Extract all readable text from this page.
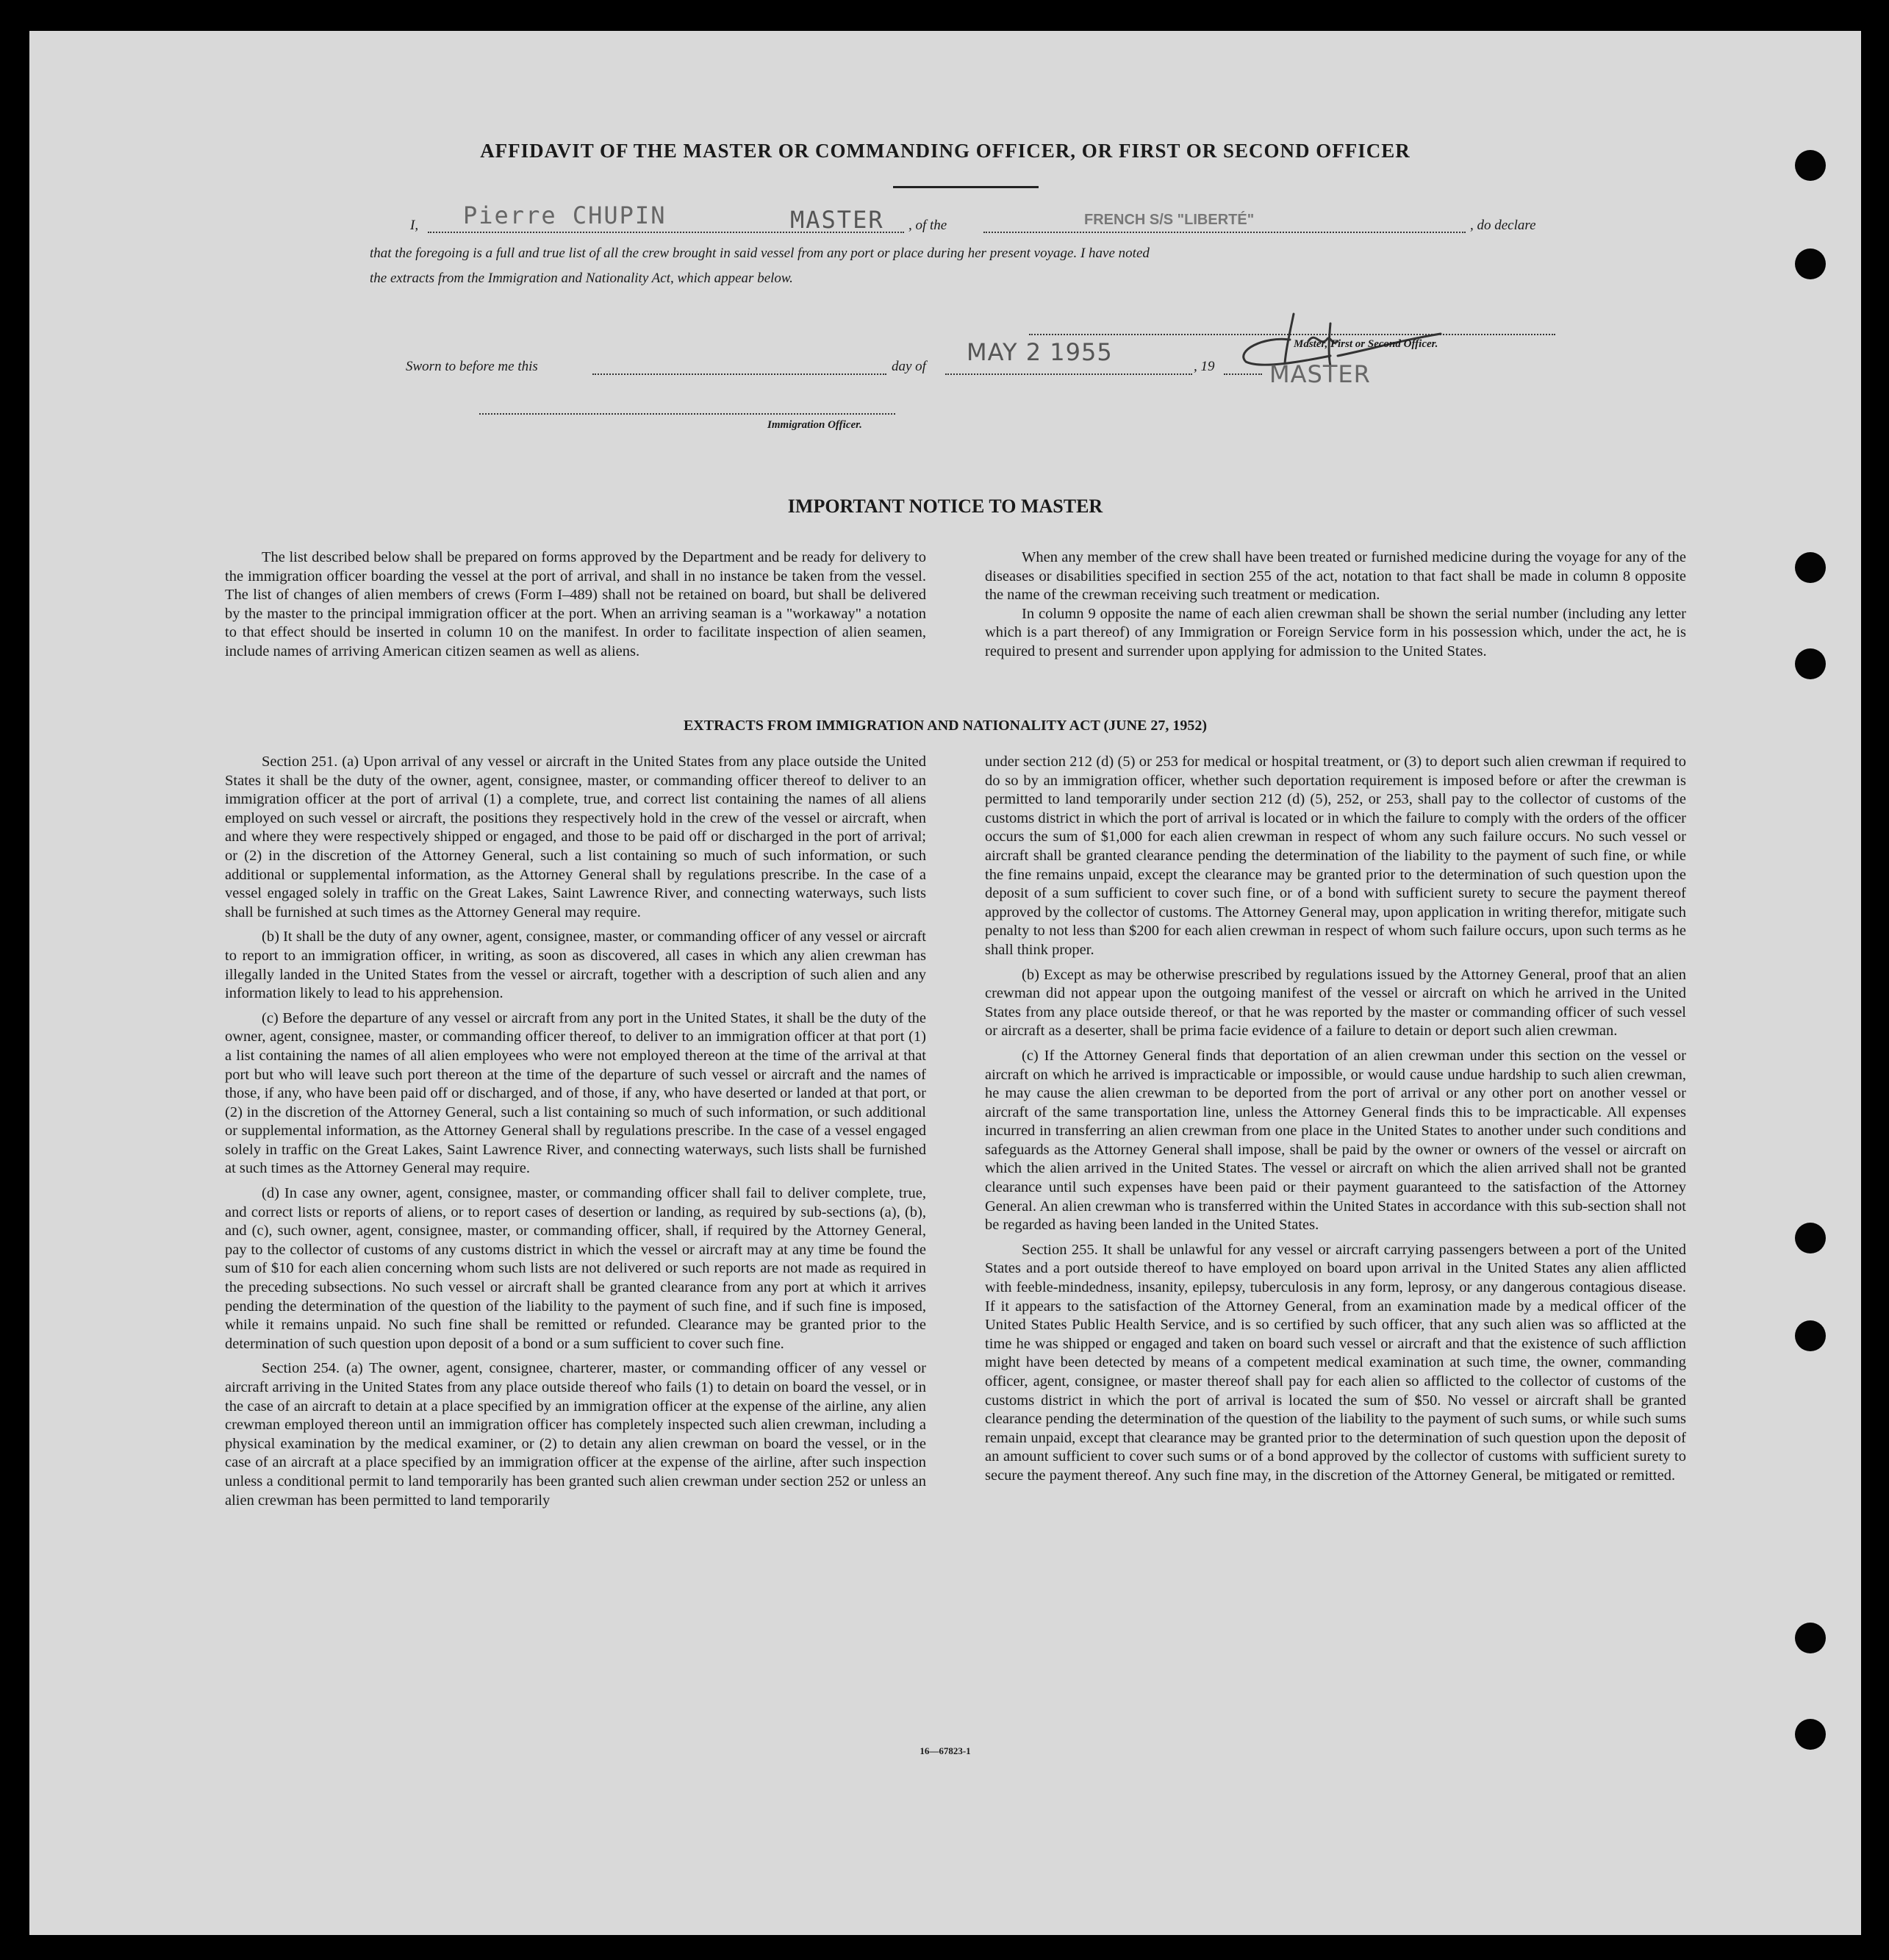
AFFIDAVIT OF THE MASTER OR COMMANDING OFFICER, OR FIRST OR SECOND OFFICER
I, Pierre CHUPIN	MASTER , of the	FRENCH S/S "LIBERTÉ"	, do declare
that the foregoing is a full and true list of all the crew brought in said vessel from any port or place during her present voyage. I have noted
the extracts from the Immigration and Nationality Act, which appear below.
Master, First or Second Officer.
MASTER
Sworn to before me this	day of
MAY 2 1955
, 19
Immigration Officer.
IMPORTANT NOTICE TO MASTER

The list described below shall be prepared on forms approved by the Department and be ready for delivery to the immigration officer boarding the vessel at the port of arrival, and shall in no instance be taken from the vessel. The list of changes of alien members of crews (Form I–489) shall not be retained on board, but shall be delivered by the master to the principal immigration officer at the port. When an arriving seaman is a "workaway" a notation to that effect should be inserted in column 10 on the manifest. In order to facilitate inspection of alien seamen, include names of arriving American citizen seamen as well as aliens.

When any member of the crew shall have been treated or furnished medicine during the voyage for any of the diseases or disabilities specified in section 255 of the act, notation to that fact shall be made in column 8 opposite the name of the crewman receiving such treatment or medication.

In column 9 opposite the name of each alien crewman shall be shown the serial number (including any letter which is a part thereof) of any Immigration or Foreign Service form in his possession which, under the act, he is required to present and surrender upon applying for admission to the United States.

EXTRACTS FROM IMMIGRATION AND NATIONALITY ACT (JUNE 27, 1952)

Section 251. (a) Upon arrival of any vessel or aircraft in the United States from any place outside the United States it shall be the duty of the owner, agent, consignee, master, or commanding officer thereof to deliver to an immigration officer at the port of arrival (1) a complete, true, and correct list containing the names of all aliens employed on such vessel or aircraft, the positions they respectively hold in the crew of the vessel or aircraft, when and where they were respectively shipped or engaged, and those to be paid off or discharged in the port of arrival; or (2) in the discretion of the Attorney General, such a list containing so much of such information, or such additional or supplemental information, as the Attorney General shall by regulations prescribe. In the case of a vessel engaged solely in traffic on the Great Lakes, Saint Lawrence River, and connecting waterways, such lists shall be furnished at such times as the Attorney General may require.

(b) It shall be the duty of any owner, agent, consignee, master, or commanding officer of any vessel or aircraft to report to an immigration officer, in writing, as soon as discovered, all cases in which any alien crewman has illegally landed in the United States from the vessel or aircraft, together with a description of such alien and any information likely to lead to his apprehension.

(c) Before the departure of any vessel or aircraft from any port in the United States, it shall be the duty of the owner, agent, consignee, master, or commanding officer thereof, to deliver to an immigration officer at that port (1) a list containing the names of all alien employees who were not employed thereon at the time of the arrival at that port but who will leave such port thereon at the time of the departure of such vessel or aircraft and the names of those, if any, who have been paid off or discharged, and of those, if any, who have deserted or landed at that port, or (2) in the discretion of the Attorney General, such a list containing so much of such information, or such additional or supplemental information, as the Attorney General shall by regulations prescribe. In the case of a vessel engaged solely in traffic on the Great Lakes, Saint Lawrence River, and connecting waterways, such lists shall be furnished at such times as the Attorney General may require.

(d) In case any owner, agent, consignee, master, or commanding officer shall fail to deliver complete, true, and correct lists or reports of aliens, or to report cases of desertion or landing, as required by sub-sections (a), (b), and (c), such owner, agent, consignee, master, or commanding officer, shall, if required by the Attorney General, pay to the collector of customs of any customs district in which the vessel or aircraft may at any time be found the sum of $10 for each alien concerning whom such lists are not delivered or such reports are not made as required in the preceding subsections. No such vessel or aircraft shall be granted clearance from any port at which it arrives pending the determination of the question of the liability to the payment of such fine, and if such fine is imposed, while it remains unpaid. No such fine shall be remitted or refunded. Clearance may be granted prior to the determination of such question upon deposit of a bond or a sum sufficient to cover such fine.

Section 254. (a) The owner, agent, consignee, charterer, master, or commanding officer of any vessel or aircraft arriving in the United States from any place outside thereof who fails (1) to detain on board the vessel, or in the case of an aircraft to detain at a place specified by an immigration officer at the expense of the airline, any alien crewman employed thereon until an immigration officer has completely inspected such alien crewman, including a physical examination by the medical examiner, or (2) to detain any alien crewman on board the vessel, or in the case of an aircraft at a place specified by an immigration officer at the expense of the airline, after such inspection unless a conditional permit to land temporarily has been granted such alien crewman under section 252 or unless an alien crewman has been permitted to land temporarily

under section 212 (d) (5) or 253 for medical or hospital treatment, or (3) to deport such alien crewman if required to do so by an immigration officer, whether such deportation requirement is imposed before or after the crewman is permitted to land temporarily under section 212 (d) (5), 252, or 253, shall pay to the collector of customs of the customs district in which the port of arrival is located or in which the failure to comply with the orders of the officer occurs the sum of $1,000 for each alien crewman in respect of whom any such failure occurs. No such vessel or aircraft shall be granted clearance pending the determination of the liability to the payment of such fine, or while the fine remains unpaid, except the clearance may be granted prior to the determination of such question upon the deposit of a sum sufficient to cover such fine, or of a bond with sufficient surety to secure the payment thereof approved by the collector of customs. The Attorney General may, upon application in writing therefor, mitigate such penalty to not less than $200 for each alien crewman in respect of whom such failure occurs, upon such terms as he shall think proper.

(b) Except as may be otherwise prescribed by regulations issued by the Attorney General, proof that an alien crewman did not appear upon the outgoing manifest of the vessel or aircraft on which he arrived in the United States from any place outside thereof, or that he was reported by the master or commanding officer of such vessel or aircraft as a deserter, shall be prima facie evidence of a failure to detain or deport such alien crewman.

(c) If the Attorney General finds that deportation of an alien crewman under this section on the vessel or aircraft on which he arrived is impracticable or impossible, or would cause undue hardship to such alien crewman, he may cause the alien crewman to be deported from the port of arrival or any other port on another vessel or aircraft of the same transportation line, unless the Attorney General finds this to be impracticable. All expenses incurred in transferring an alien crewman from one place in the United States to another under such conditions and safeguards as the Attorney General shall impose, shall be paid by the owner or owners of the vessel or aircraft on which the alien arrived in the United States. The vessel or aircraft on which the alien arrived shall not be granted clearance until such expenses have been paid or their payment guaranteed to the satisfaction of the Attorney General. An alien crewman who is transferred within the United States in accordance with this sub-section shall not be regarded as having been landed in the United States.

Section 255. It shall be unlawful for any vessel or aircraft carrying passengers between a port of the United States and a port outside thereof to have employed on board upon arrival in the United States any alien afflicted with feeble-mindedness, insanity, epilepsy, tuberculosis in any form, leprosy, or any dangerous contagious disease. If it appears to the satisfaction of the Attorney General, from an examination made by a medical officer of the United States Public Health Service, and is so certified by such officer, that any such alien was so afflicted at the time he was shipped or engaged and taken on board such vessel or aircraft and that the existence of such affliction might have been detected by means of a competent medical examination at such time, the owner, commanding officer, agent, consignee, or master thereof shall pay for each alien so afflicted to the collector of customs of the customs district in which the port of arrival is located the sum of $50. No vessel or aircraft shall be granted clearance pending the determination of the question of the liability to the payment of such sums, or while such sums remain unpaid, except that clearance may be granted prior to the determination of such question upon the deposit of an amount sufficient to cover such sums or of a bond approved by the collector of customs with sufficient surety to secure the payment thereof. Any such fine may, in the discretion of the Attorney General, be mitigated or remitted.

16—67823-1
